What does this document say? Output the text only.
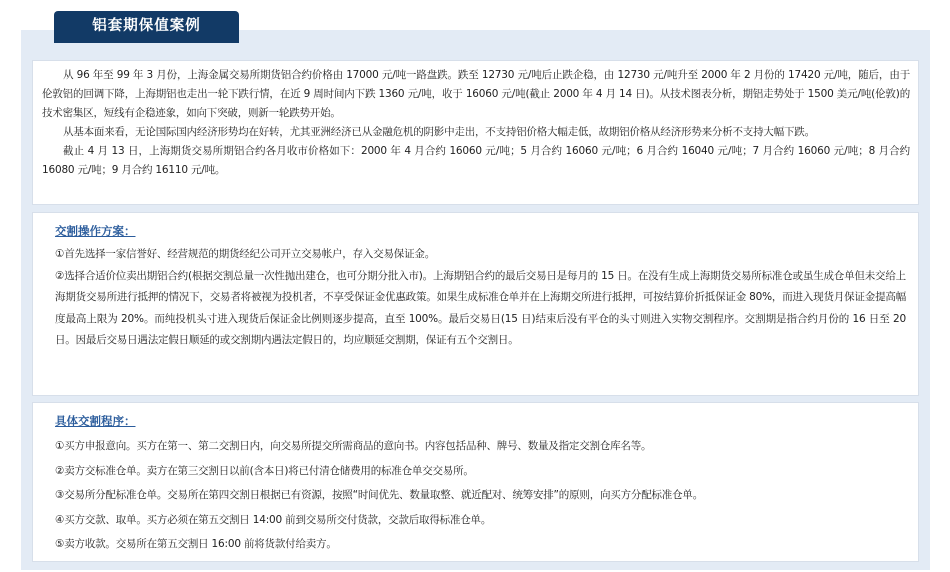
铝套期保值案例

从 96 年至 99 年 3 月份，上海金属交易所期货铝合约价格由 17000 元/吨一路盘跌。跌至 12730 元/吨后止跌企稳，由 12730 元/吨升至 2000 年 2 月份的 17420 元/吨，随后，由于伦敦铝的回调下降，上海期铝也走出一轮下跌行情，在近 9 周时间内下跌 1360 元/吨，收于 16060 元/吨(截止 2000 年 4 月 14 日)。从技术图表分析，期铝走势处于 1500 美元/吨(伦敦)的技术密集区，短线有企稳迹象，如向下突破，则新一轮跌势开始。

从基本面来看，无论国际国内经济形势均在好转，尤其亚洲经济已从金融危机的阴影中走出，不支持铝价格大幅走低，故期铝价格从经济形势来分析不支持大幅下跌。

截止 4 月 13 日，上海期货交易所期铝合约各月收市价格如下：2000 年 4 月合约 16060 元/吨；5 月合约 16060 元/吨；6 月合约 16040 元/吨；7 月合约 16060 元/吨；8 月合约 16080 元/吨；9 月合约 16110 元/吨。

交割操作方案：

①首先选择一家信誉好、经营规范的期货经纪公司开立交易帐户，存入交易保证金。

②选择合适价位卖出期铝合约(根据交割总量一次性抛出建仓，也可分期分批入市)。上海期铝合约的最后交易日是每月的 15 日。在没有生成上海期货交易所标准仓或虽生成仓单但未交给上海期货交易所进行抵押的情况下，交易者将被视为投机者，不享受保证金优惠政策。如果生成标准仓单并在上海期交所进行抵押，可按结算价折抵保证金 80%，而进入现货月保证金提高幅度最高上限为 20%。而纯投机头寸进入现货后保证金比例则逐步提高，直至 100%。最后交易日(15 日)结束后没有平仓的头寸则进入实物交割程序。交割期是指合约月份的 16 日至 20 日。因最后交易日遇法定假日顺延的或交割期内遇法定假日的，均应顺延交割期，保证有五个交割日。

具体交割程序：

①买方申报意向。买方在第一、第二交割日内，向交易所提交所需商品的意向书。内容包括品种、牌号、数量及指定交割仓库名等。

②卖方交标准仓单。卖方在第三交割日以前(含本日)将已付清仓储费用的标准仓单交交易所。

③交易所分配标准仓单。交易所在第四交割日根据已有资源，按照“时间优先、数量取整、就近配对、统筹安排”的原则，向买方分配标准仓单。

④买方交款、取单。买方必须在第五交割日 14:00 前到交易所交付货款，交款后取得标准仓单。

⑤卖方收款。交易所在第五交割日 16:00 前将货款付给卖方。
